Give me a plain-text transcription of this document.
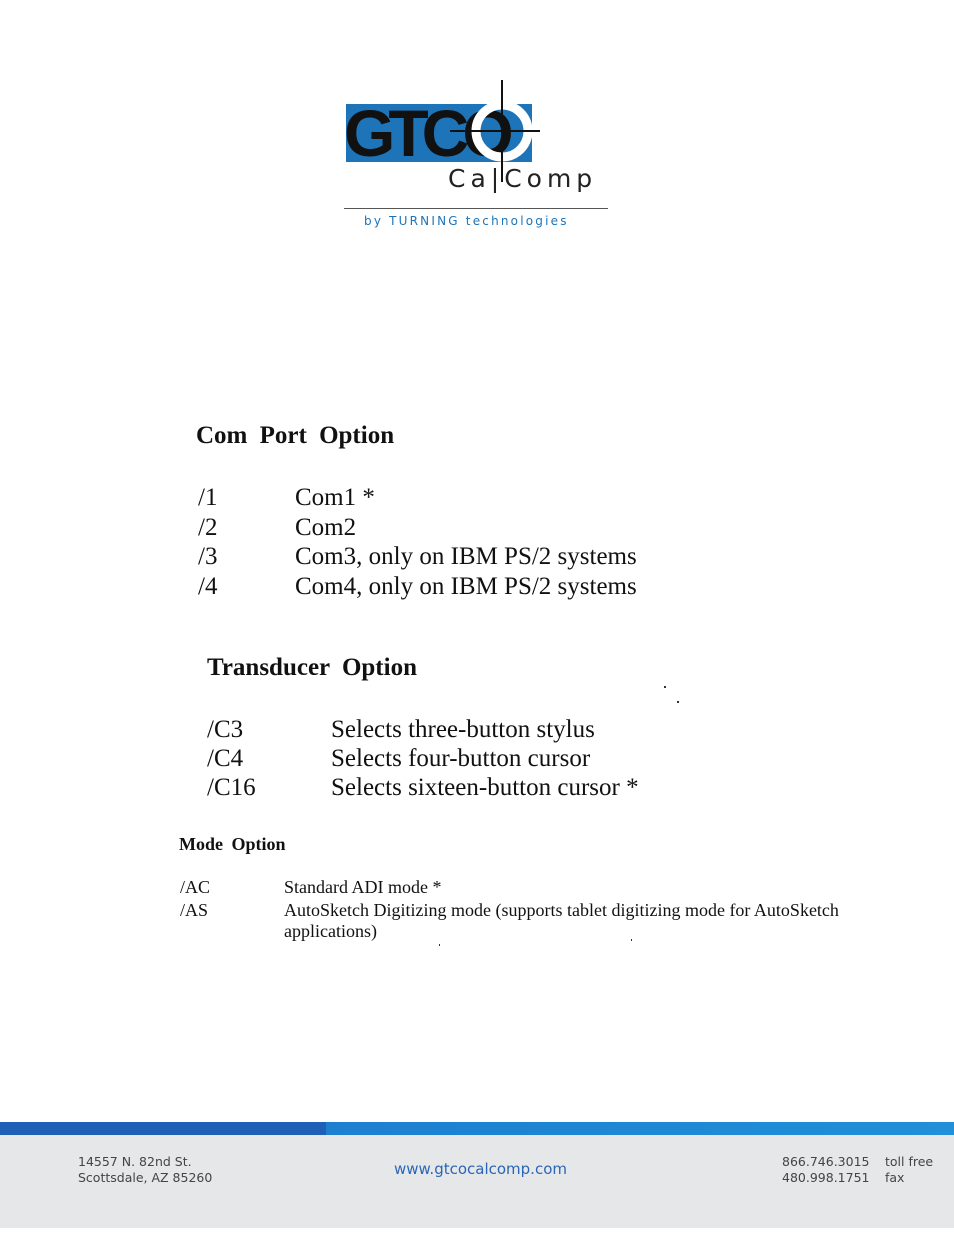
GTCO
Ca|Comp
by TURNING technologies
Com Port Option
/1	Com1 *
/2	Com2
/3	Com3, only on IBM PS/2 systems
/4	Com4, only on IBM PS/2 systems
Transducer Option
/C3	Selects three-button stylus
/C4	Selects four-button cursor
/C16	Selects sixteen-button cursor *
Mode Option
/AC	Standard ADI mode *
/AS	AutoSketch Digitizing mode (supports tablet digitizing mode for AutoSketch applications)
14557 N. 82nd St.
Scottsdale, AZ 85260	www.gtcocalcomp.com	866.746.3015
480.998.1751
toll free
fax
